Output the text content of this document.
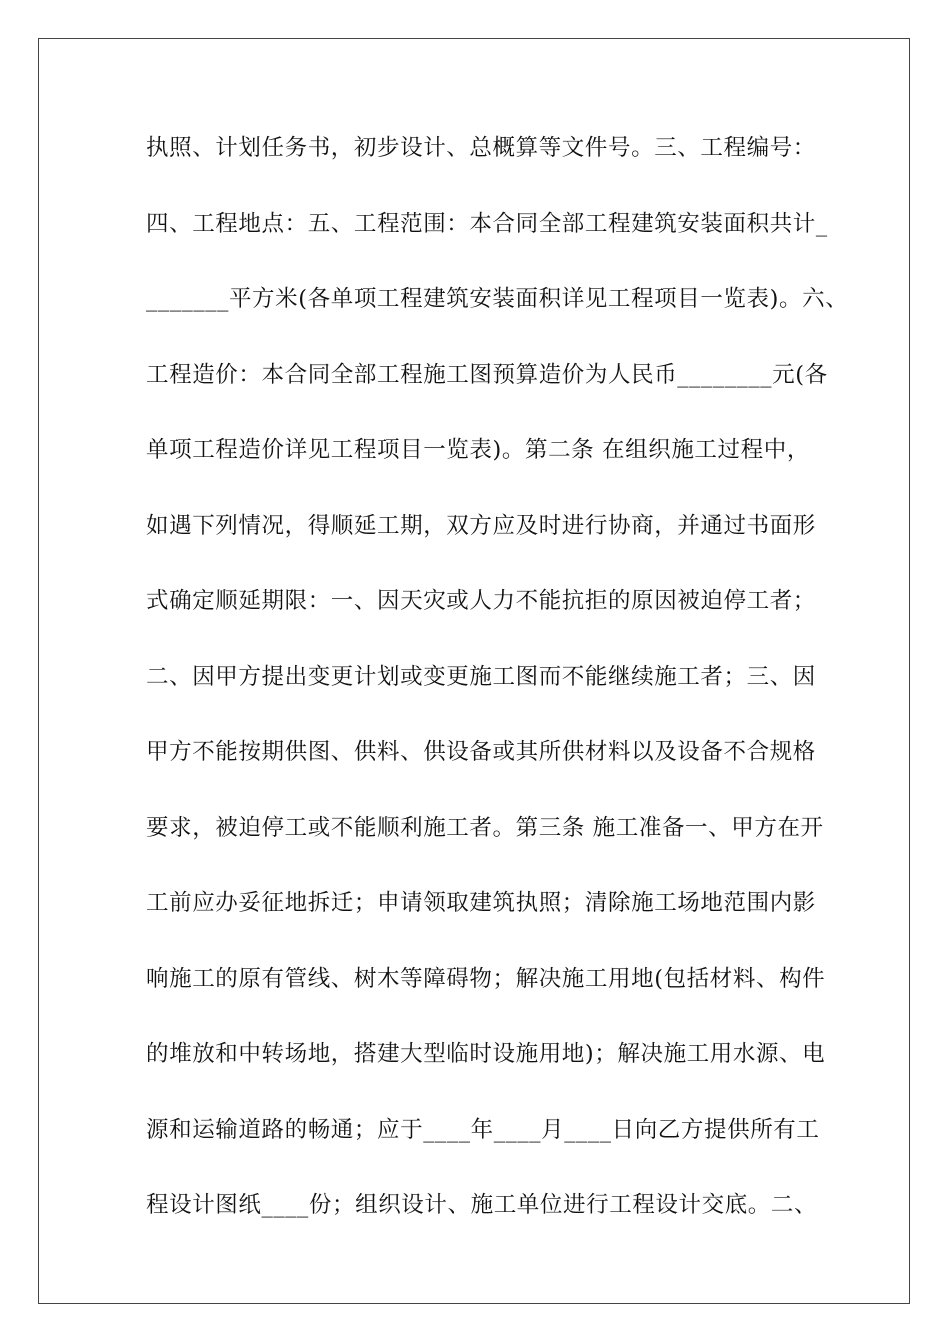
执照、计划任务书，初步设计、总概算等文件号。三、工程编号：
四、工程地点：五、工程范围：本合同全部工程建筑安装面积共计_
_______平方米(各单项工程建筑安装面积详见工程项目一览表)。六、
工程造价：本合同全部工程施工图预算造价为人民币________元(各
单项工程造价详见工程项目一览表)。第二条 在组织施工过程中，
如遇下列情况，得顺延工期，双方应及时进行协商，并通过书面形
式确定顺延期限：一、因天灾或人力不能抗拒的原因被迫停工者；
二、因甲方提出变更计划或变更施工图而不能继续施工者；三、因
甲方不能按期供图、供料、供设备或其所供材料以及设备不合规格
要求，被迫停工或不能顺利施工者。第三条 施工准备一、甲方在开
工前应办妥征地拆迁；申请领取建筑执照；清除施工场地范围内影
响施工的原有管线、树木等障碍物；解决施工用地(包括材料、构件
的堆放和中转场地，搭建大型临时设施用地)；解决施工用水源、电
源和运输道路的畅通；应于____年____月____日向乙方提供所有工
程设计图纸____份；组织设计、施工单位进行工程设计交底。二、
